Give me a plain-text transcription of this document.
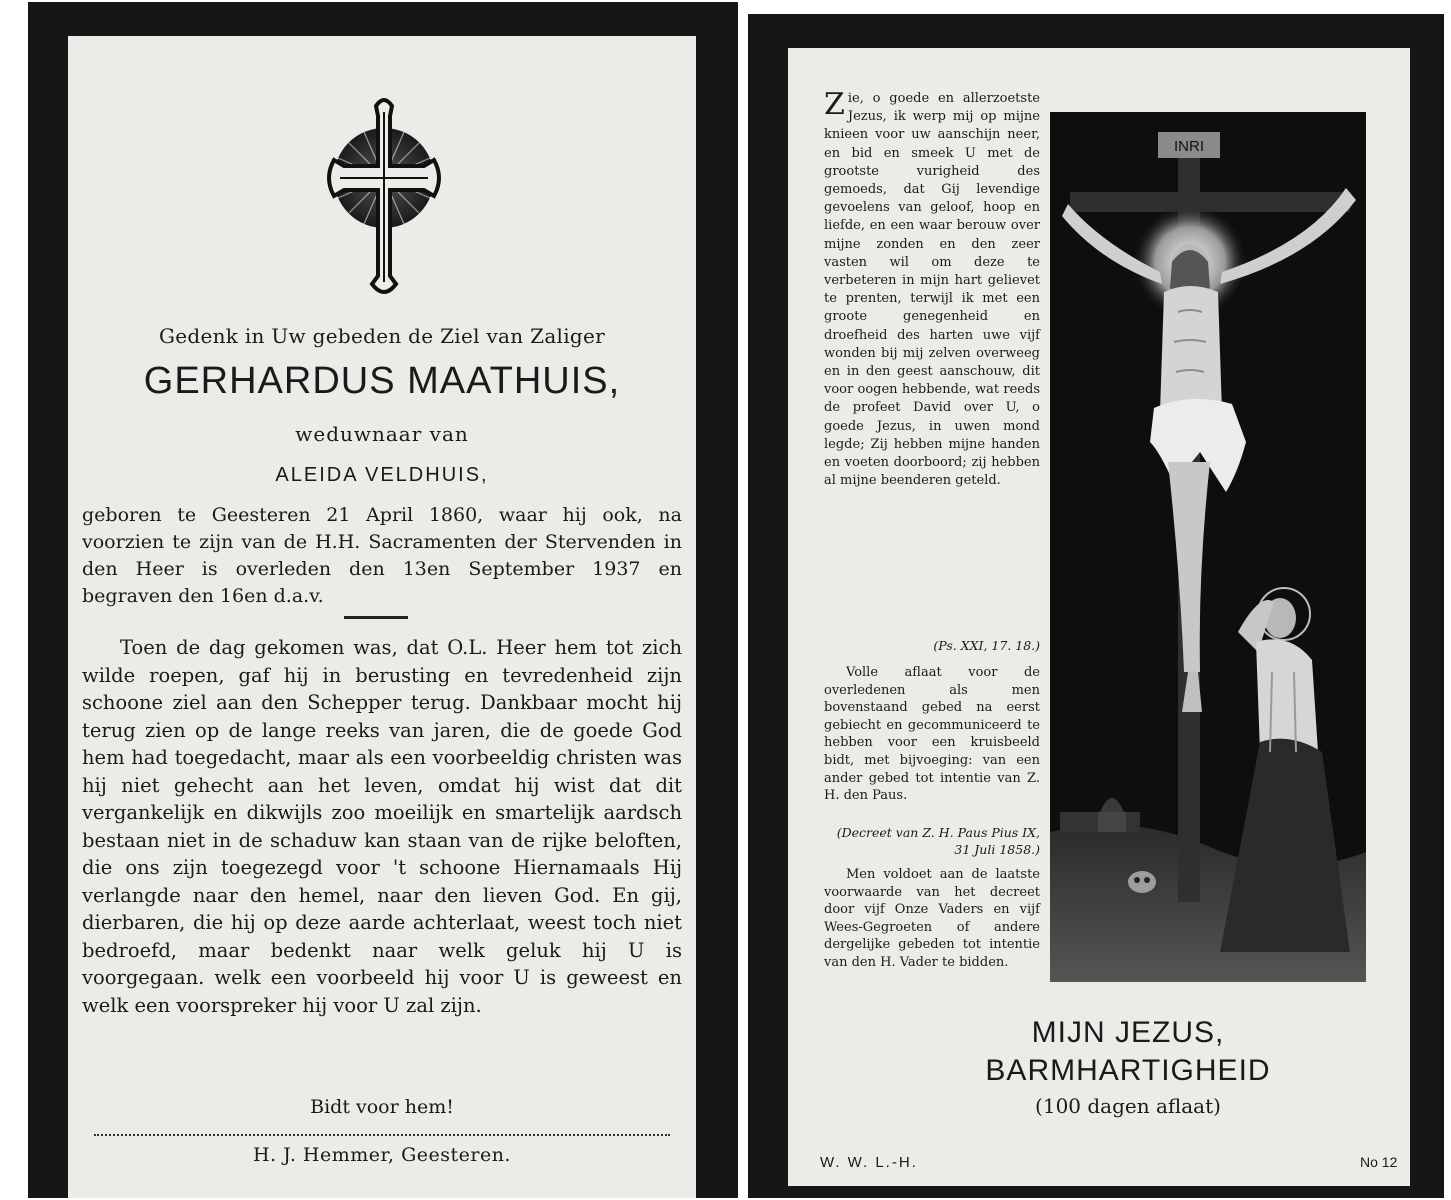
Gedenk in Uw gebeden de Ziel van Zaliger
GERHARDUS MAATHUIS,
weduwnaar van
ALEIDA VELDHUIS,
geboren te Geesteren 21 April 1860, waar hij ook, na voorzien te zijn van de H.H. Sacramenten der Stervenden in den Heer is overleden den 13en September 1937 en begraven den 16en d.a.v.
Toen de dag gekomen was, dat O.L. Heer hem tot zich wilde roepen, gaf hij in berusting en tevredenheid zijn schoone ziel aan den Schepper terug. Dankbaar mocht hij terug zien op de lange reeks van jaren, die de goede God hem had toegedacht, maar als een voorbeeldig christen was hij niet gehecht aan het leven, omdat hij wist dat dit vergankelijk en dikwijls zoo moeilijk en smartelijk aardsch bestaan niet in de schaduw kan staan van de rijke beloften, die ons zijn toegezegd voor 't schoone Hiernamaals Hij verlangde naar den hemel, naar den lieven God. En gij, dierbaren, die hij op deze aarde achterlaat, weest toch niet bedroefd, maar bedenkt naar welk geluk hij U is voorgegaan. welk een voorbeeld hij voor U is geweest en welk een voorspreker hij voor U zal zijn.
Bidt voor hem!
H. J. Hemmer, Geesteren.
Zie, o goede en allerzoetste Jezus, ik werp mij op mijne knieen voor uw aanschijn neer, en bid en smeek U met de grootste vurigheid des gemoeds, dat Gij levendige gevoelens van geloof, hoop en liefde, en een waar berouw over mijne zonden en den zeer vasten wil om deze te verbeteren in mijn hart gelievet te prenten, terwijl ik met een groote genegenheid en droefheid des harten uwe vijf wonden bij mij zelven overweeg en in den geest aanschouw, dit voor oogen hebbende, wat reeds de profeet David over U, o goede Jezus, in uwen mond legde; Zij hebben mijne handen en voeten doorboord; zij hebben al mijne beenderen geteld.
(Ps. XXI, 17. 18.)
Volle aflaat voor de overledenen als men bovenstaand gebed na eerst gebiecht en gecommuniceerd te hebben voor een kruisbeeld bidt, met bijvoeging: van een ander gebed tot intentie van Z. H. den Paus.
(Decreet van Z. H. Paus Pius IX, 31 Juli 1858.)
Men voldoet aan de laatste voorwaarde van het decreet door vijf Onze Vaders en vijf Wees-Gegroeten of andere dergelijke gebeden tot intentie van den H. Vader te bidden.
INRI
MIJN JEZUS,
BARMHARTIGHEID
(100 dagen aflaat)
W. W. L.-H.	No 12
